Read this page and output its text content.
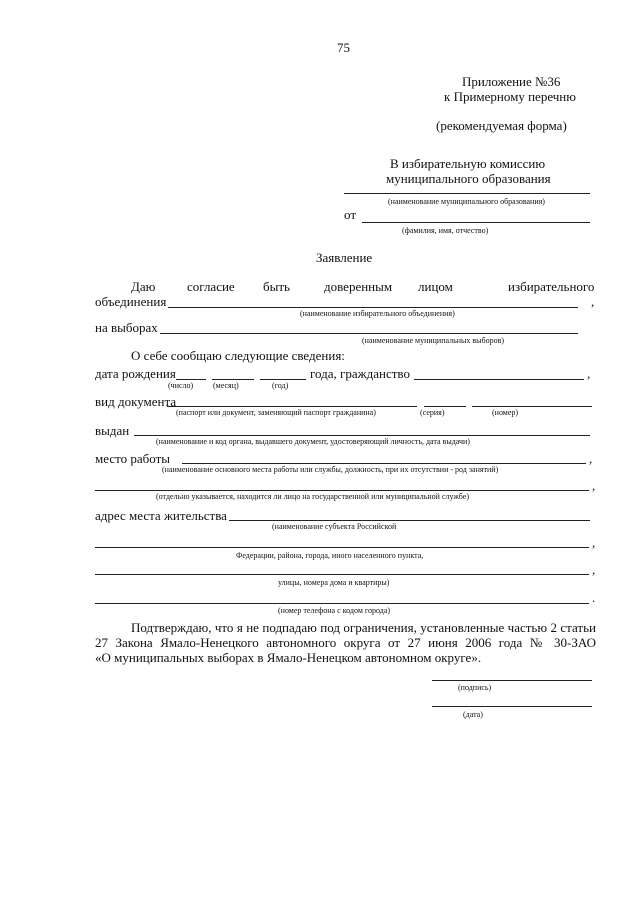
75
Приложение №36
к Примерному перечню
(рекомендуемая форма)
В избирательную комиссию
муниципального образования
(наименование муниципального образования)
от
(фамилия, имя, отчество)
Заявление
Даю согласие быть	доверенным лицом	избирательного
объединения	,
(наименование избирательного объединения)
на выборах
(наименование муниципальных выборов)
О себе сообщаю следующие сведения:
дата рождения	года, гражданство	,
(число) (месяц)	(год)
вид документа
(паспорт или документ, заменяющий паспорт гражданина)	(серия)	(номер)
выдан
(наименование и код органа, выдавшего документ, удостоверяющий личность, дата выдачи)
место работы	,
(наименование основного места работы или службы, должность, при их отсутствии - род занятий)
,
(отдельно указывается, находится ли лицо на государственной или муниципальной службе)
адрес места жительства
(наименование субъекта Российской
,
Федерации, района, города, иного населенного пункта,
,
улицы, номера дома и квартиры)
.
(номер телефона с кодом города)
Подтверждаю, что я не подпадаю под ограничения, установленные частью 2 статьи
27 Закона Ямало-Ненецкого автономного округа от 27 июня 2006 года № 30-ЗАО
«О муниципальных выборах в Ямало-Ненецком автономном округе».
(подпись)
(дата)
